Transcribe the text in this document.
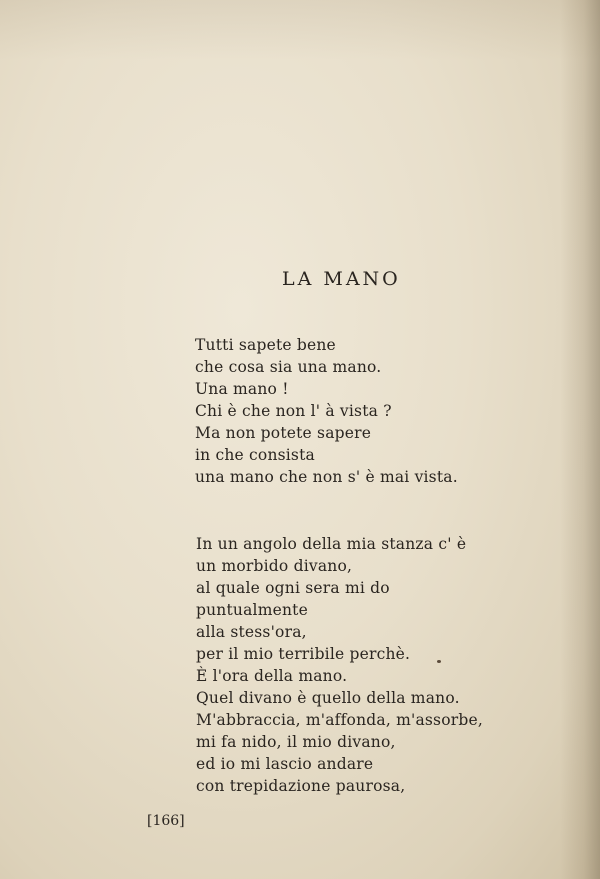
LA MANO
Tutti sapete bene
che cosa sia una mano.
Una mano !
Chi è che non l' à vista ?
Ma non potete sapere
in che consista
una mano che non s' è mai vista.
In un angolo della mia stanza c' è
un morbido divano,
al quale ogni sera mi do
puntualmente
alla stess'ora,
per il mio terribile perchè.
È l'ora della mano.
Quel divano è quello della mano.
M'abbraccia, m'affonda, m'assorbe,
mi fa nido, il mio divano,
ed io mi lascio andare
con trepidazione paurosa,
[166]
